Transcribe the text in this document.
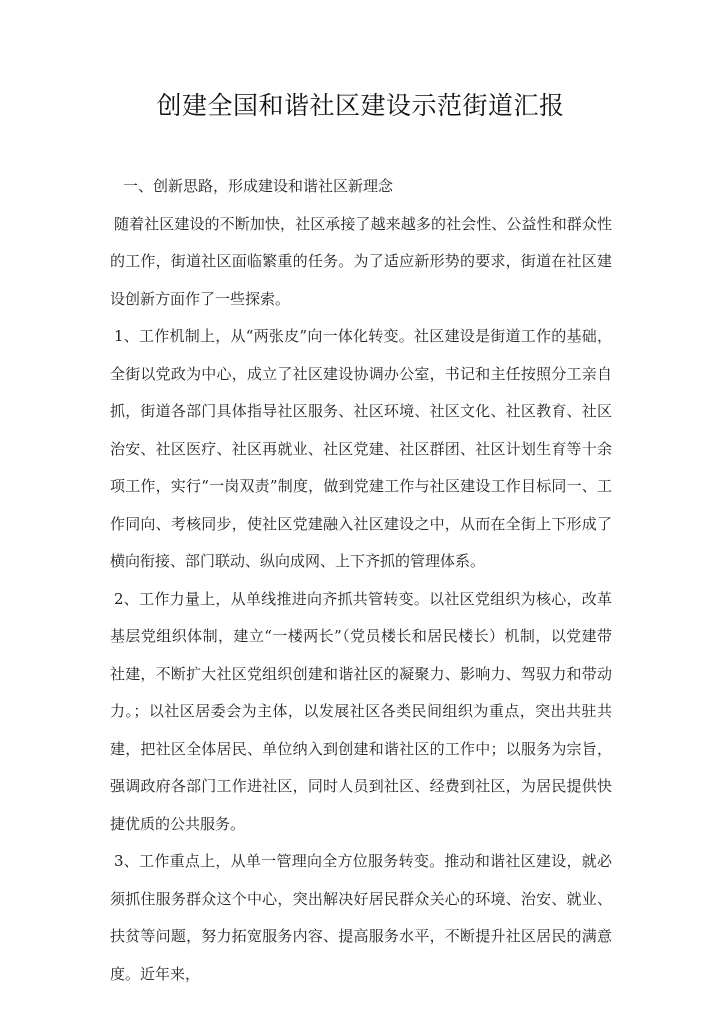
创建全国和谐社区建设示范街道汇报

一、创新思路，形成建设和谐社区新理念

随着社区建设的不断加快，社区承接了越来越多的社会性、公益性和群众性的工作，街道社区面临繁重的任务。为了适应新形势的要求，街道在社区建设创新方面作了一些探索。

1、工作机制上，从“两张皮”向一体化转变。社区建设是街道工作的基础，全街以党政为中心，成立了社区建设协调办公室，书记和主任按照分工亲自抓，街道各部门具体指导社区服务、社区环境、社区文化、社区教育、社区治安、社区医疗、社区再就业、社区党建、社区群团、社区计划生育等十余项工作，实行“一岗双责”制度，做到党建工作与社区建设工作目标同一、工作同向、考核同步，使社区党建融入社区建设之中，从而在全街上下形成了横向衔接、部门联动、纵向成网、上下齐抓的管理体系。

2、工作力量上，从单线推进向齐抓共管转变。以社区党组织为核心，改革基层党组织体制，建立“一楼两长”（党员楼长和居民楼长）机制，以党建带社建，不断扩大社区党组织创建和谐社区的凝聚力、影响力、驾驭力和带动力。；以社区居委会为主体，以发展社区各类民间组织为重点，突出共驻共建，把社区全体居民、单位纳入到创建和谐社区的工作中；以服务为宗旨，强调政府各部门工作进社区，同时人员到社区、经费到社区，为居民提供快捷优质的公共服务。

3、工作重点上，从单一管理向全方位服务转变。推动和谐社区建设，就必须抓住服务群众这个中心，突出解决好居民群众关心的环境、治安、就业、扶贫等问题，努力拓宽服务内容、提高服务水平，不断提升社区居民的满意度。近年来，
